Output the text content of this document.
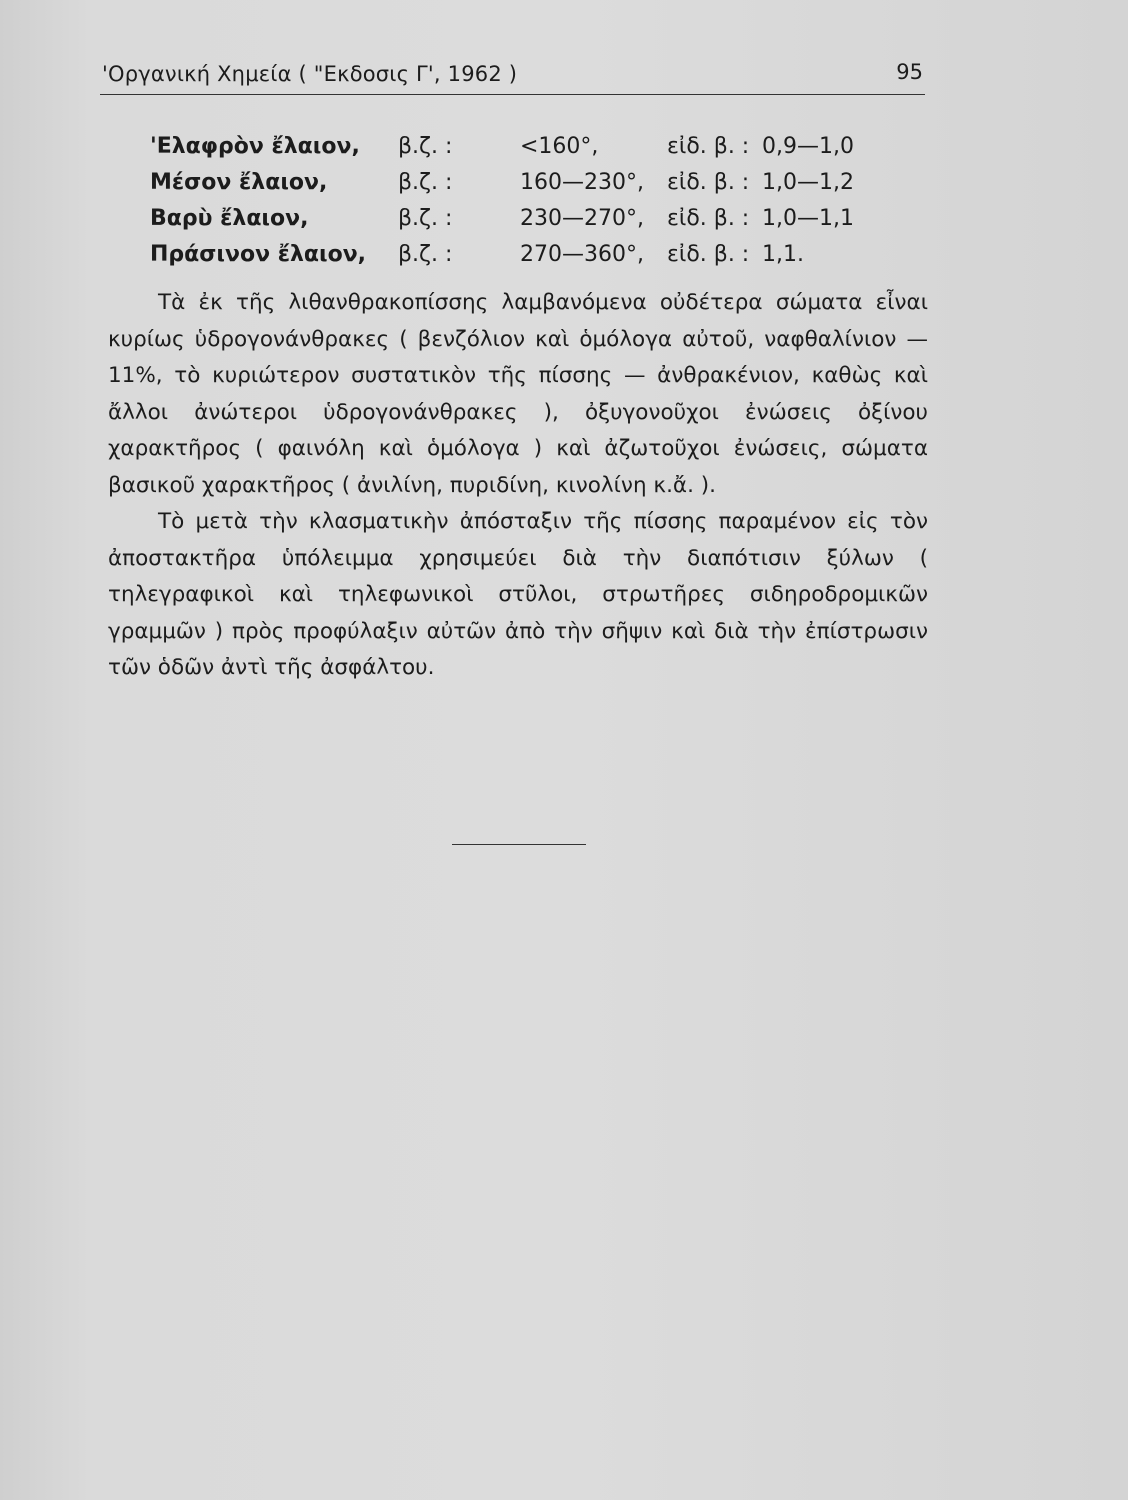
'Οργανική Χημεία ( "Εκδοσις Γ', 1962 )	95
'Ελαφρὸν ἔλαιον,	β.ζ. :	<160°,	εἰδ. β. :	0,9—1,0
Μέσον ἔλαιον,	β.ζ. :	160—230°,	εἰδ. β. :	1,0—1,2
Βαρὺ ἔλαιον,	β.ζ. :	230—270°,	εἰδ. β. :	1,0—1,1
Πράσινον ἔλαιον,	β.ζ. :	270—360°,	εἰδ. β. :	1,1.

Τὰ ἐκ τῆς λιθανθρακοπίσσης λαμβανόμενα οὐδέτερα σώματα εἶναι κυρίως ὑδρογονάνθρακες ( βενζόλιον καὶ ὁμόλογα αὐτοῦ, ναφθαλίνιον — 11%, τὸ κυριώτερον συστατικὸν τῆς πίσσης — ἀνθρακένιον, καθὼς καὶ ἄλλοι ἀνώτεροι ὑδρογονάνθρακες ), ὀξυγονοῦχοι ἐνώσεις ὀξίνου χαρακτῆρος ( φαινόλη καὶ ὁμόλογα ) καὶ ἀζωτοῦχοι ἐνώσεις, σώματα βασικοῦ χαρακτῆρος ( ἀνιλίνη, πυριδίνη, κινολίνη κ.ἄ. ).

Τὸ μετὰ τὴν κλασματικὴν ἀπόσταξιν τῆς πίσσης παραμένον εἰς τὸν ἀποστακτῆρα ὑπόλειμμα χρησιμεύει διὰ τὴν διαπότισιν ξύλων ( τηλεγραφικοὶ καὶ τηλεφωνικοὶ στῦλοι, στρωτῆρες σιδηροδρομικῶν γραμμῶν ) πρὸς προφύλαξιν αὐτῶν ἀπὸ τὴν σῆψιν καὶ διὰ τὴν ἐπίστρωσιν τῶν ὁδῶν ἀντὶ τῆς ἀσφάλτου.
